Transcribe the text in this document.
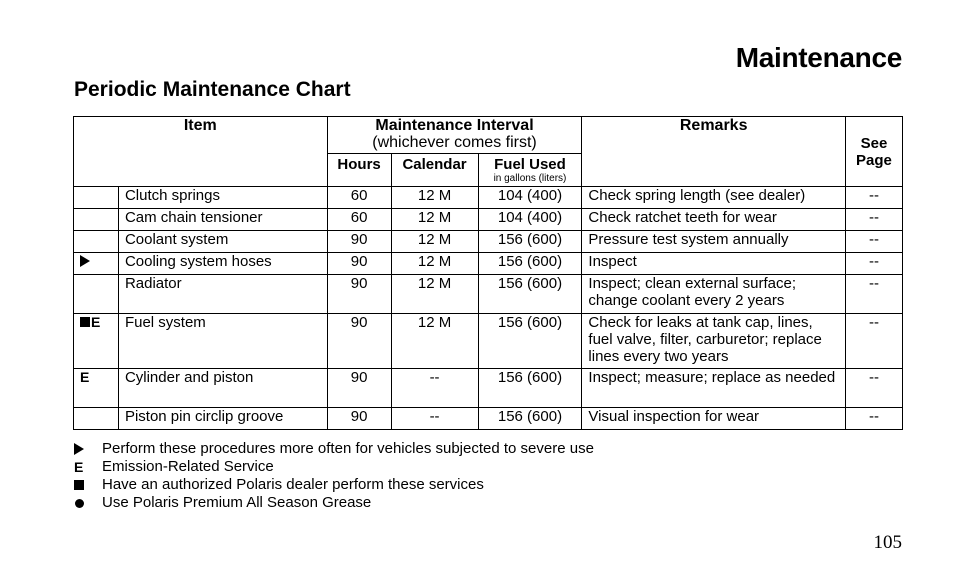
Maintenance
Periodic Maintenance Chart
Item		Maintenance Interval
(whichever comes first)			Remarks	See Page
		Hours	Calendar	Fuel Used
in gallons (liters)		

	Clutch springs	60	12 M	104 (400)	Check spring length (see dealer)	--
	Cam chain tensioner	60	12 M	104 (400)	Check ratchet teeth for wear	--
	Coolant system	90	12 M	156 (600)	Pressure test system annually	--
	Cooling system hoses	90	12 M	156 (600)	Inspect	--
	Radiator	90	12 M	156 (600)	Inspect; clean external surface; change coolant every 2 years	--
E	Fuel system	90	12 M	156 (600)	Check for leaks at tank cap, lines, fuel valve, filter, carburetor; replace lines every two years	--
E	Cylinder and piston	90	--	156 (600)	Inspect; measure; replace as needed	--
	Piston pin circlip groove	90	--	156 (600)	Visual inspection for wear	--
Perform these procedures more often for vehicles subjected to severe use
E	Emission-Related Service
Have an authorized Polaris dealer perform these services
Use Polaris Premium All Season Grease
105
